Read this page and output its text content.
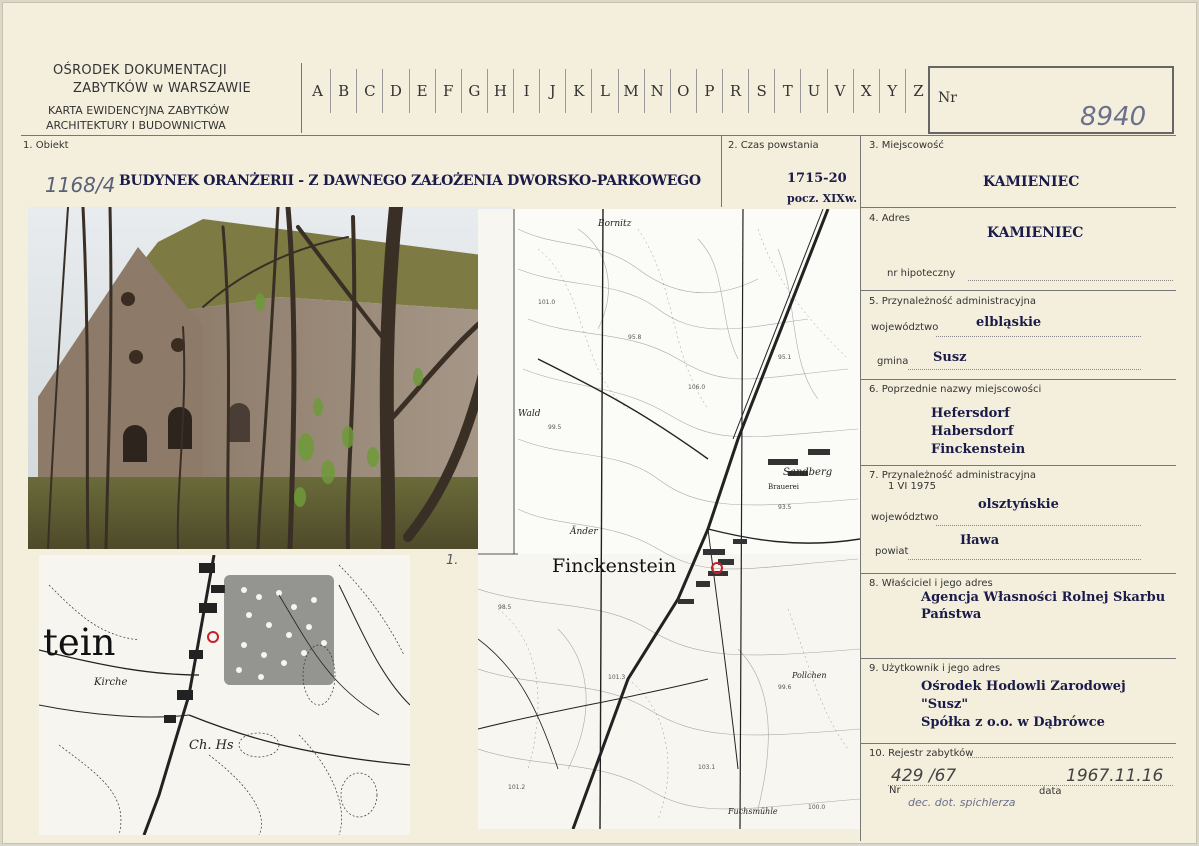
OŚRODEK DOKUMENTACJI
ZABYTKÓW w WARSZAWIE
KARTA EWIDENCYJNA ZABYTKÓW
ARCHITEKTURY I BUDOWNICTWA
A	B C D E	F G H	I	J	K	L M N O P	R	S	T U V	X	Y	Z	Nr
8940
1. Obiekt
1168/4 BUDYNEK ORANŻERII - Z DAWNEGO ZAŁOŻENIA DWORSKO-PARKOWEGO
2. Czas powstania
1715-20
pocz. XIXw.
3. Miejscowość
KAMIENIEC
4. Adres
KAMIENIEC
nr hipoteczny
5. Przynależność administracyjna
województwo	elbląskie
gmina Susz
6. Poprzednie nazwy miejscowości
Hefersdorf
Habersdorf
Finckenstein
7. Przynależność administracyjna
1 VI 1975
olsztyńskie
województwo
Iława
powiat
8. Właściciel i jego adres
Agencja Własności Rolnej Skarbu
Państwa
9. Użytkownik i jego adres
Ośrodek Hodowli Zarodowej
"Susz"
Spółka z o.o. w Dąbrówce
10. Rejestr zabytków
429 /67	1967.11.16
Nr	data
dec. dot. spichlerza
101.0
95.8
106.0
95.1
99.5
93.5
98.5
101.3
99.6
101.2
103.1
100.0
Bornitz
Wald
Sandberg
Brauerei
Änder
Finckenstein
Pollchen
Fuchsmühle
1.
tein
Kirche
Ch. Hs
